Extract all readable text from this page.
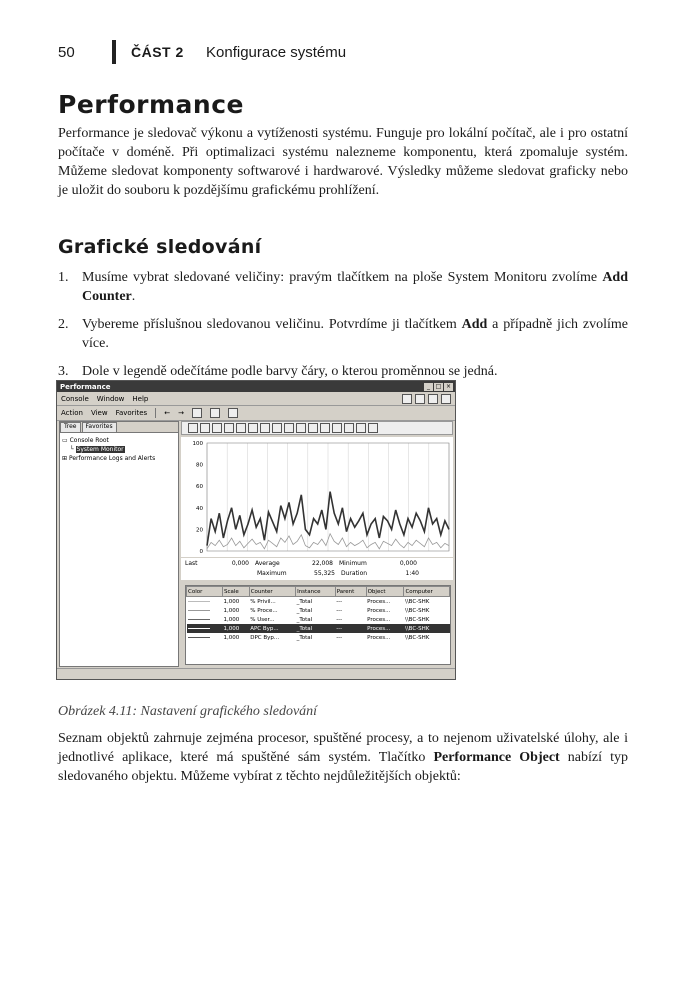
50	ČÁST 2 Konfigurace systému
Performance
Performance je sledovač výkonu a vytíženosti systému. Funguje pro lokální počítač, ale i pro ostatní počítače v doméně. Při optimalizaci systému nalezneme komponentu, která zpomaluje systém. Můžeme sledovat komponenty softwarové i hardwarové. Výsledky můžeme sledovat graficky nebo je uložit do souboru k pozdějšímu grafickému prohlížení.
Grafické sledování
1. Musíme vybrat sledované veličiny: pravým tlačítkem na ploše System Monitoru zvolíme Add Counter.
2. Vybereme příslušnou sledovanou veličinu. Potvrdíme ji tlačítkem Add a případně jich zvolíme více.
3. Dole v legendě odečítáme podle barvy čáry, o kterou proměnnou se jedná.
Performance	_ □ ×
Console Window Help
Action View Favorites ← →
Tree	Favorites
▭ Console Root
└ System Monitor
⊞ Performance Logs and Alerts
0
20
40
60
80
100
Last	0,000	Average	22,008	Minimum	0,000
Maximum	55,325	Duration	1:40
Color	Scale	Counter	Instance	Parent	Object	Computer
	1,000	% Privil...	_Total	---	Proces...	\\BC-SHK
	1,000	% Proce...	_Total	---	Proces...	\\BC-SHK
	1,000	% User...	_Total	---	Proces...	\\BC-SHK
	1,000	APC Byp...	_Total	---	Proces...	\\BC-SHK
	1,000	DPC Byp...	_Total	---	Proces...	\\BC-SHK
Obrázek 4.11: Nastavení grafického sledování
Seznam objektů zahrnuje zejména procesor, spuštěné procesy, a to nejenom uživatelské úlohy, ale i jednotlivé aplikace, které má spuštěné sám systém. Tlačítko Performance Object nabízí typ sledovaného objektu. Můžeme vybírat z těchto nejdůležitějších objektů:
